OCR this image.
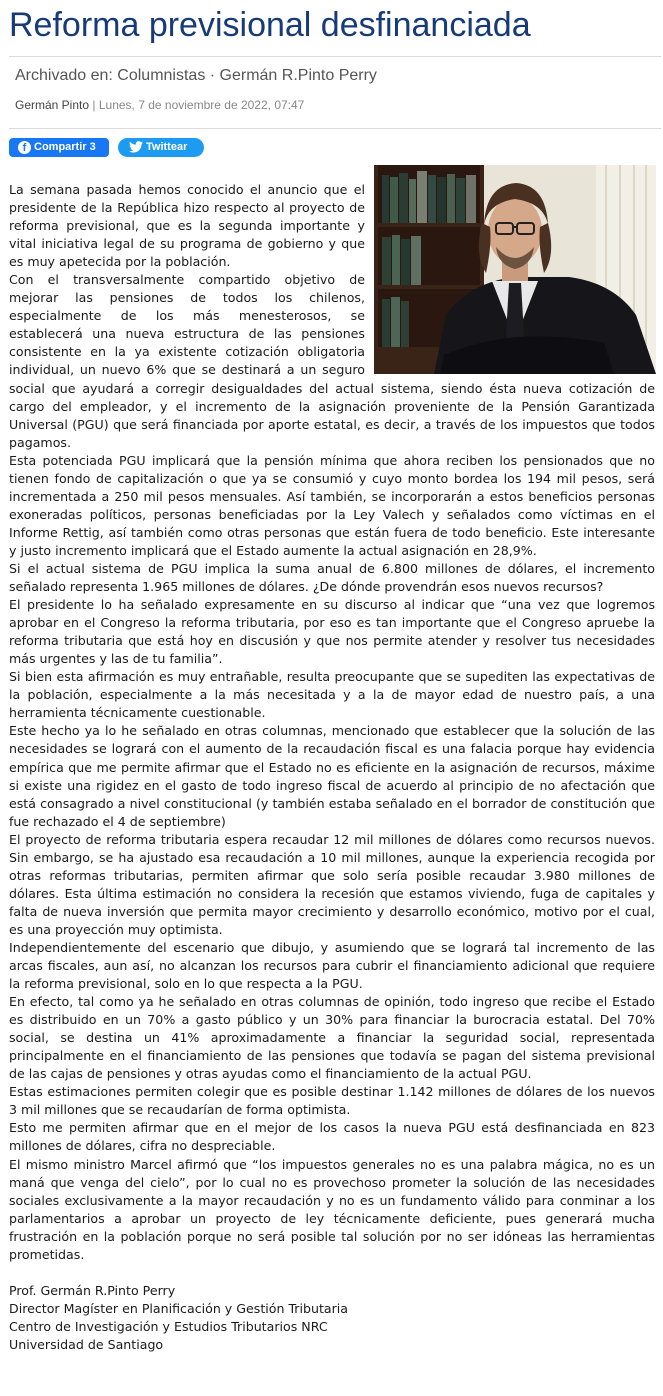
Reforma previsional desfinanciada
Archivado en: Columnistas · Germán R.Pinto Perry
Germán Pinto | Lunes, 7 de noviembre de 2022, 07:47
f Compartir 3	Twittear

La semana pasada hemos conocido el anuncio que el presidente de la República hizo respecto al proyecto de reforma previsional, que es la segunda importante y vital iniciativa legal de su programa de gobierno y que es muy apetecida por la población.

Con el transversalmente compartido objetivo de mejorar las pensiones de todos los chilenos, especialmente de los más menesterosos, se establecerá una nueva estructura de las pensiones consistente en la ya existente cotización obligatoria individual, un nuevo 6% que se destinará a un seguro social que ayudará a corregir desigualdades del actual sistema, siendo ésta nueva cotización de cargo del empleador, y el incremento de la asignación proveniente de la Pensión Garantizada Universal (PGU) que será financiada por aporte estatal, es decir, a través de los impuestos que todos pagamos.

Esta potenciada PGU implicará que la pensión mínima que ahora reciben los pensionados que no tienen fondo de capitalización o que ya se consumió y cuyo monto bordea los 194 mil pesos, será incrementada a 250 mil pesos mensuales. Así también, se incorporarán a estos beneficios personas exoneradas políticos, personas beneficiadas por la Ley Valech y señalados como víctimas en el Informe Rettig, así también como otras personas que están fuera de todo beneficio. Este interesante y justo incremento implicará que el Estado aumente la actual asignación en 28,9%.

Si el actual sistema de PGU implica la suma anual de 6.800 millones de dólares, el incremento señalado representa 1.965 millones de dólares. ¿De dónde provendrán esos nuevos recursos?

El presidente lo ha señalado expresamente en su discurso al indicar que “una vez que logremos aprobar en el Congreso la reforma tributaria, por eso es tan importante que el Congreso apruebe la reforma tributaria que está hoy en discusión y que nos permite atender y resolver tus necesidades más urgentes y las de tu familia”.

Si bien esta afirmación es muy entrañable, resulta preocupante que se supediten las expectativas de la población, especialmente a la más necesitada y a la de mayor edad de nuestro país, a una herramienta técnicamente cuestionable.

Este hecho ya lo he señalado en otras columnas, mencionado que establecer que la solución de las necesidades se logrará con el aumento de la recaudación fiscal es una falacia porque hay evidencia empírica que me permite afirmar que el Estado no es eficiente en la asignación de recursos, máxime si existe una rigidez en el gasto de todo ingreso fiscal de acuerdo al principio de no afectación que está consagrado a nivel constitucional (y también estaba señalado en el borrador de constitución que fue rechazado el 4 de septiembre)

El proyecto de reforma tributaria espera recaudar 12 mil millones de dólares como recursos nuevos. Sin embargo, se ha ajustado esa recaudación a 10 mil millones, aunque la experiencia recogida por otras reformas tributarias, permiten afirmar que solo sería posible recaudar 3.980 millones de dólares. Esta última estimación no considera la recesión que estamos viviendo, fuga de capitales y falta de nueva inversión que permita mayor crecimiento y desarrollo económico, motivo por el cual, es una proyección muy optimista.

Independientemente del escenario que dibujo, y asumiendo que se logrará tal incremento de las arcas fiscales, aun así, no alcanzan los recursos para cubrir el financiamiento adicional que requiere la reforma previsional, solo en lo que respecta a la PGU.

En efecto, tal como ya he señalado en otras columnas de opinión, todo ingreso que recibe el Estado es distribuido en un 70% a gasto público y un 30% para financiar la burocracia estatal. Del 70% social, se destina un 41% aproximadamente a financiar la seguridad social, representada principalmente en el financiamiento de las pensiones que todavía se pagan del sistema previsional de las cajas de pensiones y otras ayudas como el financiamiento de la actual PGU.

Estas estimaciones permiten colegir que es posible destinar 1.142 millones de dólares de los nuevos 3 mil millones que se recaudarían de forma optimista.

Esto me permiten afirmar que en el mejor de los casos la nueva PGU está desfinanciada en 823 millones de dólares, cifra no despreciable.

El mismo ministro Marcel afirmó que “los impuestos generales no es una palabra mágica, no es un maná que venga del cielo”, por lo cual no es provechoso prometer la solución de las necesidades sociales exclusivamente a la mayor recaudación y no es un fundamento válido para conminar a los parlamentarios a aprobar un proyecto de ley técnicamente deficiente, pues generará mucha frustración en la población porque no será posible tal solución por no ser idóneas las herramientas prometidas.

Prof. Germán R.Pinto Perry
Director Magíster en Planificación y Gestión Tributaria
Centro de Investigación y Estudios Tributarios NRC
Universidad de Santiago
